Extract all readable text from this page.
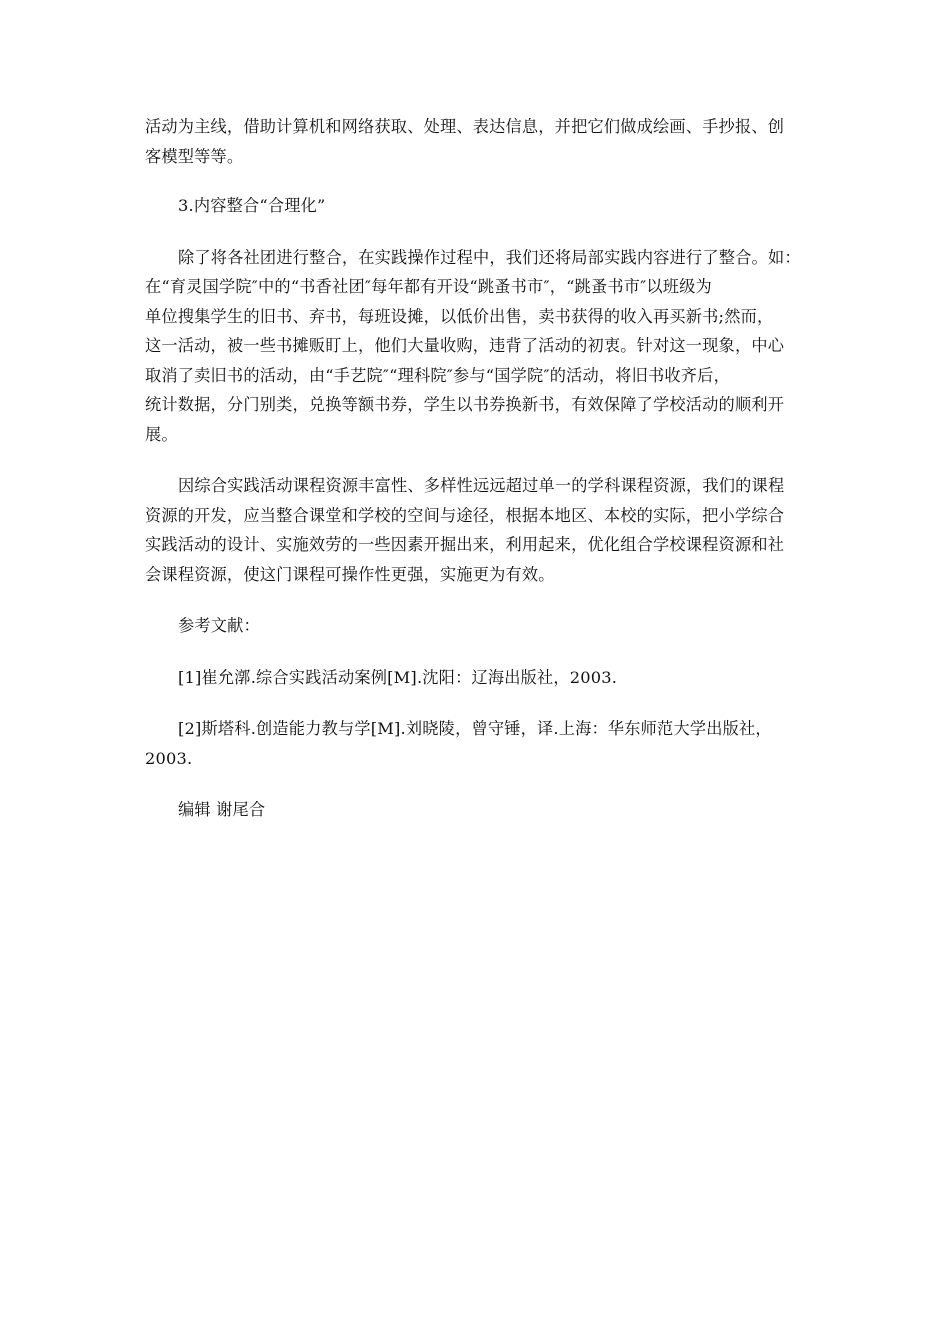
活动为主线，借助计算机和网络获取、处理、表达信息，并把它们做成绘画、手抄报、创
客模型等等。

3.内容整合“合理化”

除了将各社团进行整合，在实践操作过程中，我们还将局部实践内容进行了整合。如：
在“育灵国学院″中的“书香社团″每年都有开设“跳蚤书市″，“跳蚤书市″以班级为
单位搜集学生的旧书、弃书，每班设摊，以低价出售，卖书获得的收入再买新书;然而，
这一活动，被一些书摊贩盯上，他们大量收购，违背了活动的初衷。针对这一现象，中心
取消了卖旧书的活动，由“手艺院″“理科院″参与“国学院″的活动，将旧书收齐后，
统计数据，分门别类，兑换等额书券，学生以书券换新书，有效保障了学校活动的顺利开
展。

因综合实践活动课程资源丰富性、多样性远远超过单一的学科课程资源，我们的课程
资源的开发，应当整合课堂和学校的空间与途径，根据本地区、本校的实际，把小学综合
实践活动的设计、实施效劳的一些因素开掘出来，利用起来，优化组合学校课程资源和社
会课程资源，使这门课程可操作性更强，实施更为有效。

参考文献：

[1]崔允漷.综合实践活动案例[M].沈阳：辽海出版社，2003.

[2]斯塔科.创造能力教与学[M].刘晓陵，曾守锤，译.上海：华东师范大学出版社，
2003.

编辑 谢尾合
